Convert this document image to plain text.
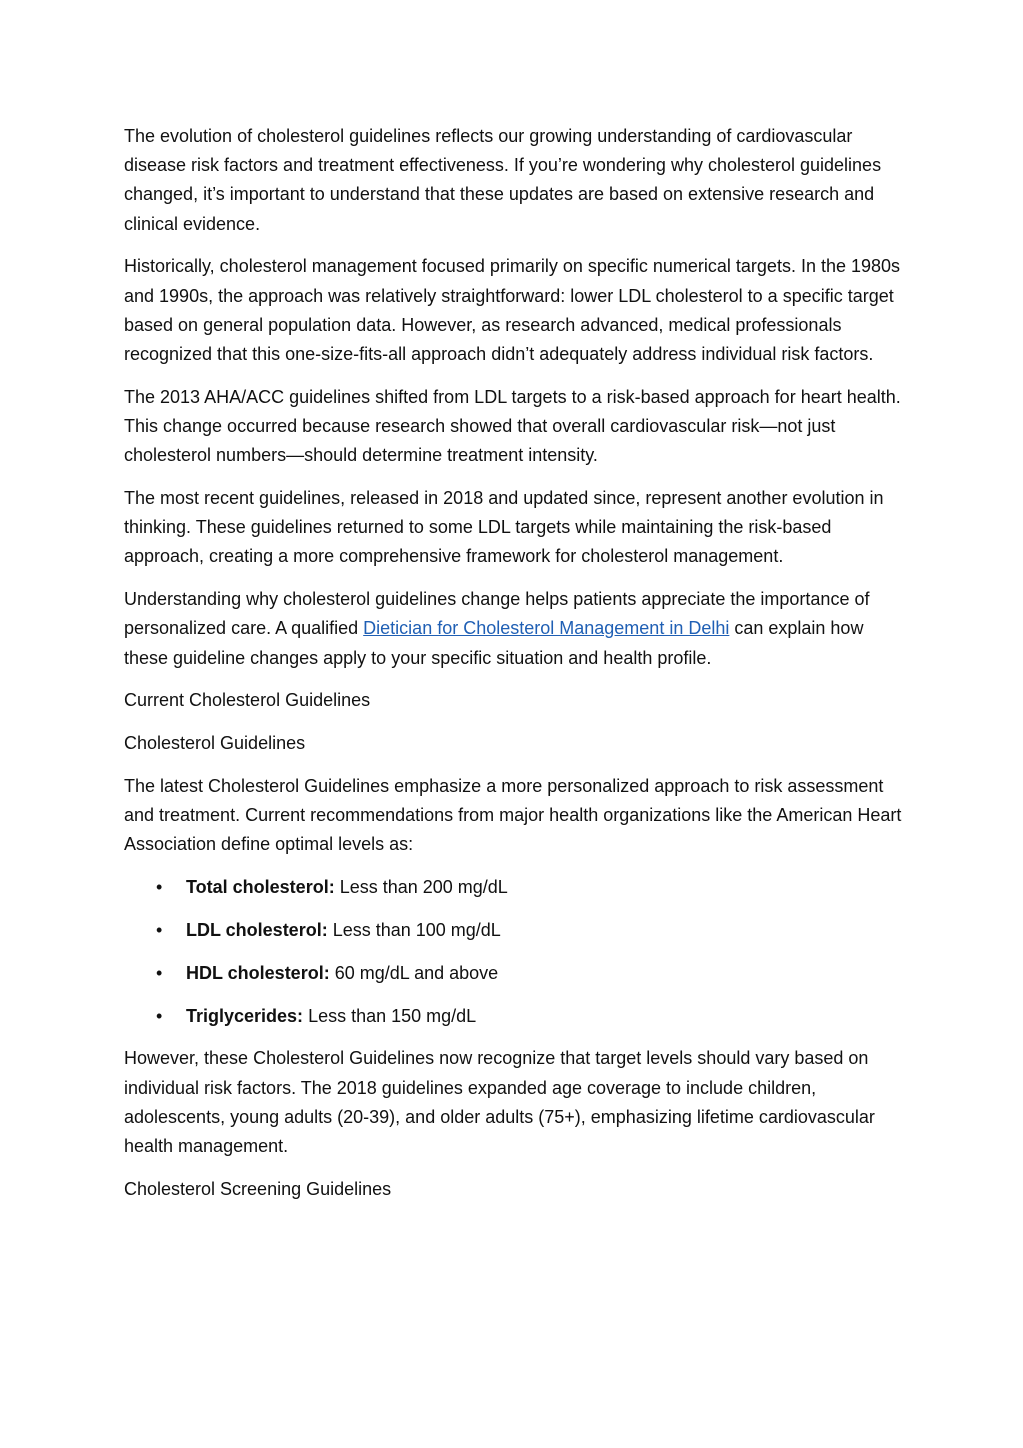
The evolution of cholesterol guidelines reflects our growing understanding of cardiovascular disease risk factors and treatment effectiveness. If you’re wondering why cholesterol guidelines changed, it’s important to understand that these updates are based on extensive research and clinical evidence.

Historically, cholesterol management focused primarily on specific numerical targets. In the 1980s and 1990s, the approach was relatively straightforward: lower LDL cholesterol to a specific target based on general population data. However, as research advanced, medical professionals recognized that this one-size-fits-all approach didn’t adequately address individual risk factors.

The 2013 AHA/ACC guidelines shifted from LDL targets to a risk-based approach for heart health. This change occurred because research showed that overall cardiovascular risk—not just cholesterol numbers—should determine treatment intensity.

The most recent guidelines, released in 2018 and updated since, represent another evolution in thinking. These guidelines returned to some LDL targets while maintaining the risk-based approach, creating a more comprehensive framework for cholesterol management.

Understanding why cholesterol guidelines change helps patients appreciate the importance of personalized care. A qualified Dietician for Cholesterol Management in Delhi can explain how these guideline changes apply to your specific situation and health profile.

Current Cholesterol Guidelines

Cholesterol Guidelines

The latest Cholesterol Guidelines emphasize a more personalized approach to risk assessment and treatment. Current recommendations from major health organizations like the American Heart Association define optimal levels as:

• Total cholesterol: Less than 200 mg/dL
• LDL cholesterol: Less than 100 mg/dL
• HDL cholesterol: 60 mg/dL and above
• Triglycerides: Less than 150 mg/dL

However, these Cholesterol Guidelines now recognize that target levels should vary based on individual risk factors. The 2018 guidelines expanded age coverage to include children, adolescents, young adults (20-39), and older adults (75+), emphasizing lifetime cardiovascular health management.

Cholesterol Screening Guidelines
